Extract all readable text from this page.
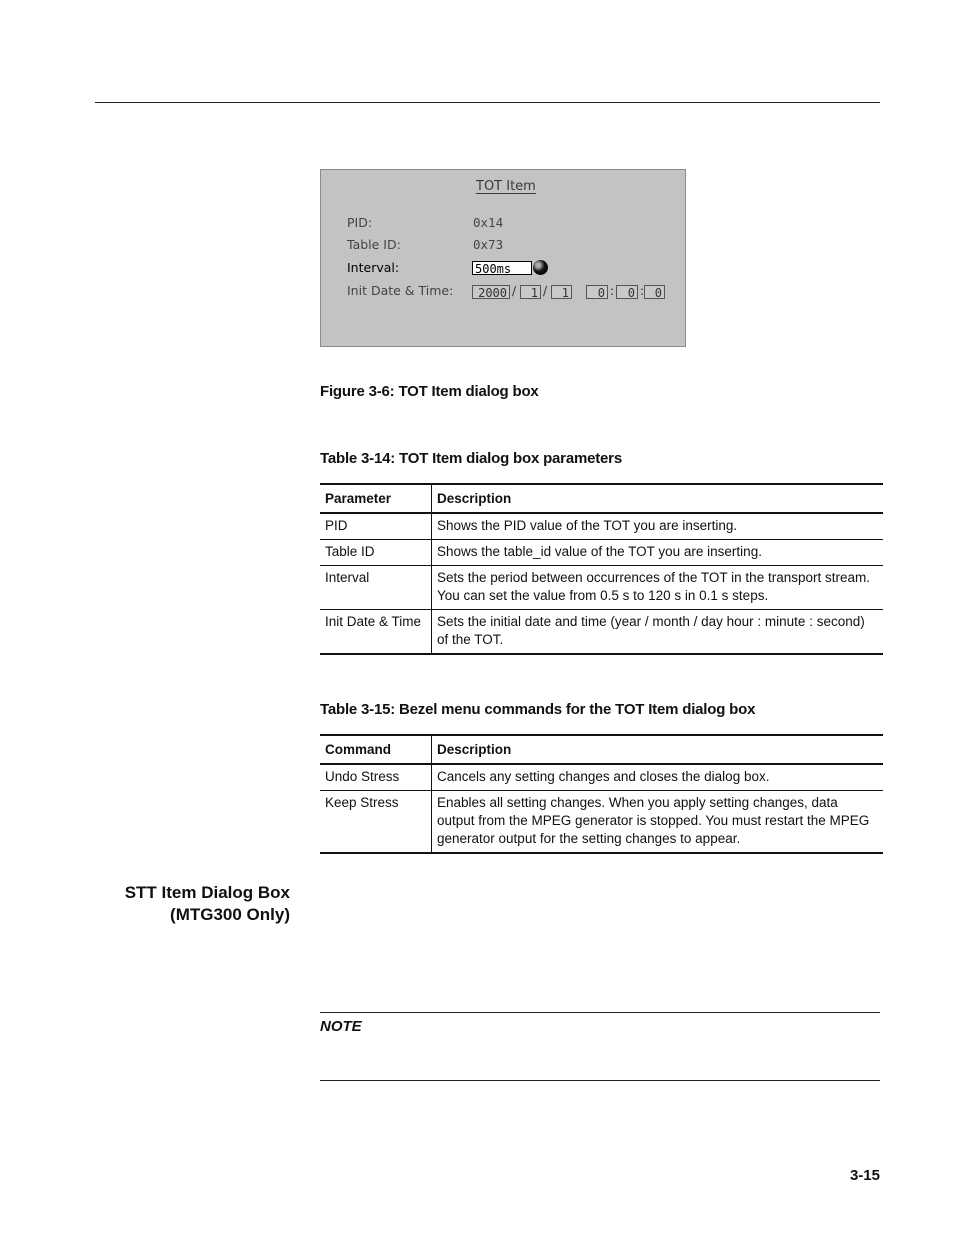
TOT Item
PID:	0x14
Table ID:	0x73
Interval:	500ms
Init Date & Time:	2000 /	1 /	1	0 :	0 : 0
Figure 3-6: TOT Item dialog box
Table 3-14: TOT Item dialog box parameters
Parameter	Description
PID	Shows the PID value of the TOT you are inserting.
Table ID	Shows the table_id value of the TOT you are inserting.
Interval	Sets the period between occurrences of the TOT in the transport stream. You can set the value from 0.5 s to 120 s in 0.1 s steps.
Init Date & Time	Sets the initial date and time (year / month / day hour : minute : second) of the TOT.
Table 3-15: Bezel menu commands for the TOT Item dialog box
Command	Description
Undo Stress	Cancels any setting changes and closes the dialog box.
Keep Stress	Enables all setting changes. When you apply setting changes, data output from the MPEG generator is stopped. You must restart the MPEG generator output for the setting changes to appear.
STT Item Dialog Box
(MTG300 Only)
NOTE
3-15
